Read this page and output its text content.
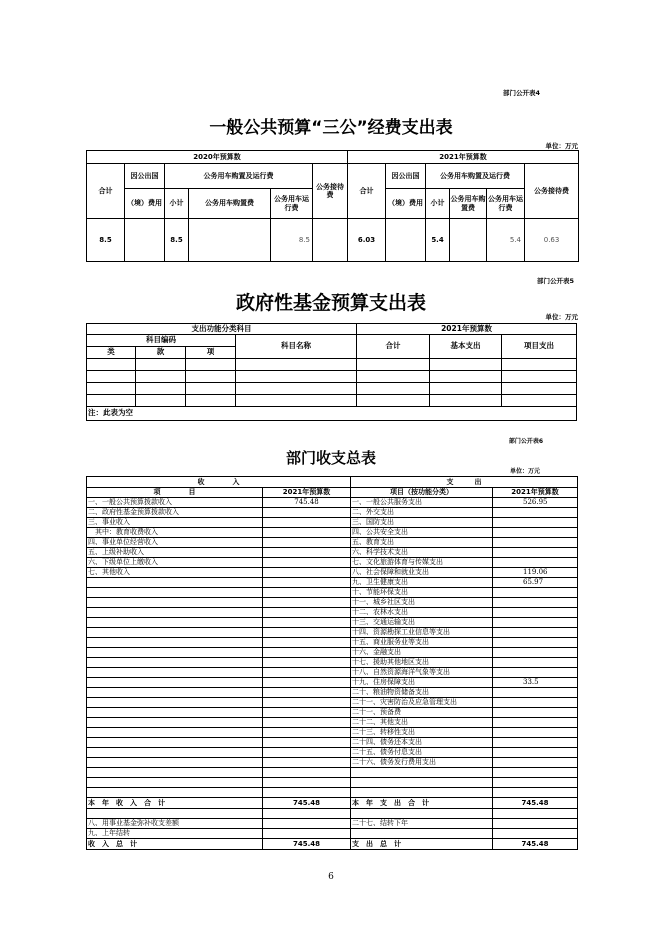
部门公开表4
一般公共预算“三公”经费支出表
单位：万元
2020年预算数						2021年预算数					
合计	因公出国	公务用车购置及运行费			公务接待费	合计	因公出国	公务用车购置及运行费			公务接待费
	（境）费用	小计	公务用车购置费	公务用车运行费			（境）费用	小计	公务用车购置费	公务用车运行费	
8.5		8.5		8.5		6.03		5.4		5.4	0.63
部门公开表5
政府性基金预算支出表
单位：万元
支出功能分类科目				2021年预算数		
科目编码			科目名称	合计	基本支出	项目支出
类	款	项				

注：此表为空						
部门公开表6
部门收支总表
单位：万元
收　　　　入		支　　　出	
项　　　　目	2021年预算数	项目（按功能分类）	2021年预算数
一、一般公共预算拨款收入	745.48	一、一般公共服务支出	526.95
二、政府性基金预算拨款收入		二、外交支出	
三、事业收入		三、国防支出	
　其中：教育收费收入		四、公共安全支出	
四、事业单位经营收入		五、教育支出	
五、上级补助收入		六、科学技术支出	
六、下级单位上缴收入		七、文化旅游体育与传媒支出	
七、其他收入		八、社会保障和就业支出	119.06
		九、卫生健康支出	65.97
		十、节能环保支出	
		十一、城乡社区支出	
		十二、农林水支出	
		十三、交通运输支出	
		十四、资源勘探工业信息等支出	
		十五、商业服务业等支出	
		十六、金融支出	
		十七、援助其他地区支出	
		十八、自然资源海洋气象等支出	
		十九、住房保障支出	33.5
		二十、粮油物资储备支出	
		二十一、灾害防治及应急管理支出	
		二十一、预备费	
		二十二、其他支出	
		二十三、转移性支出	
		二十四、债务还本支出	
		二十五、债务付息支出	
		二十六、债务发行费用支出	

本　年　收　入　合　计	745.48	本　年　支　出　合　计	745.48

八、用事业基金弥补收支差额		二十七、结转下年	
九、上年结转			
收　入　总　计	745.48	支　出　总　计	745.48
6
